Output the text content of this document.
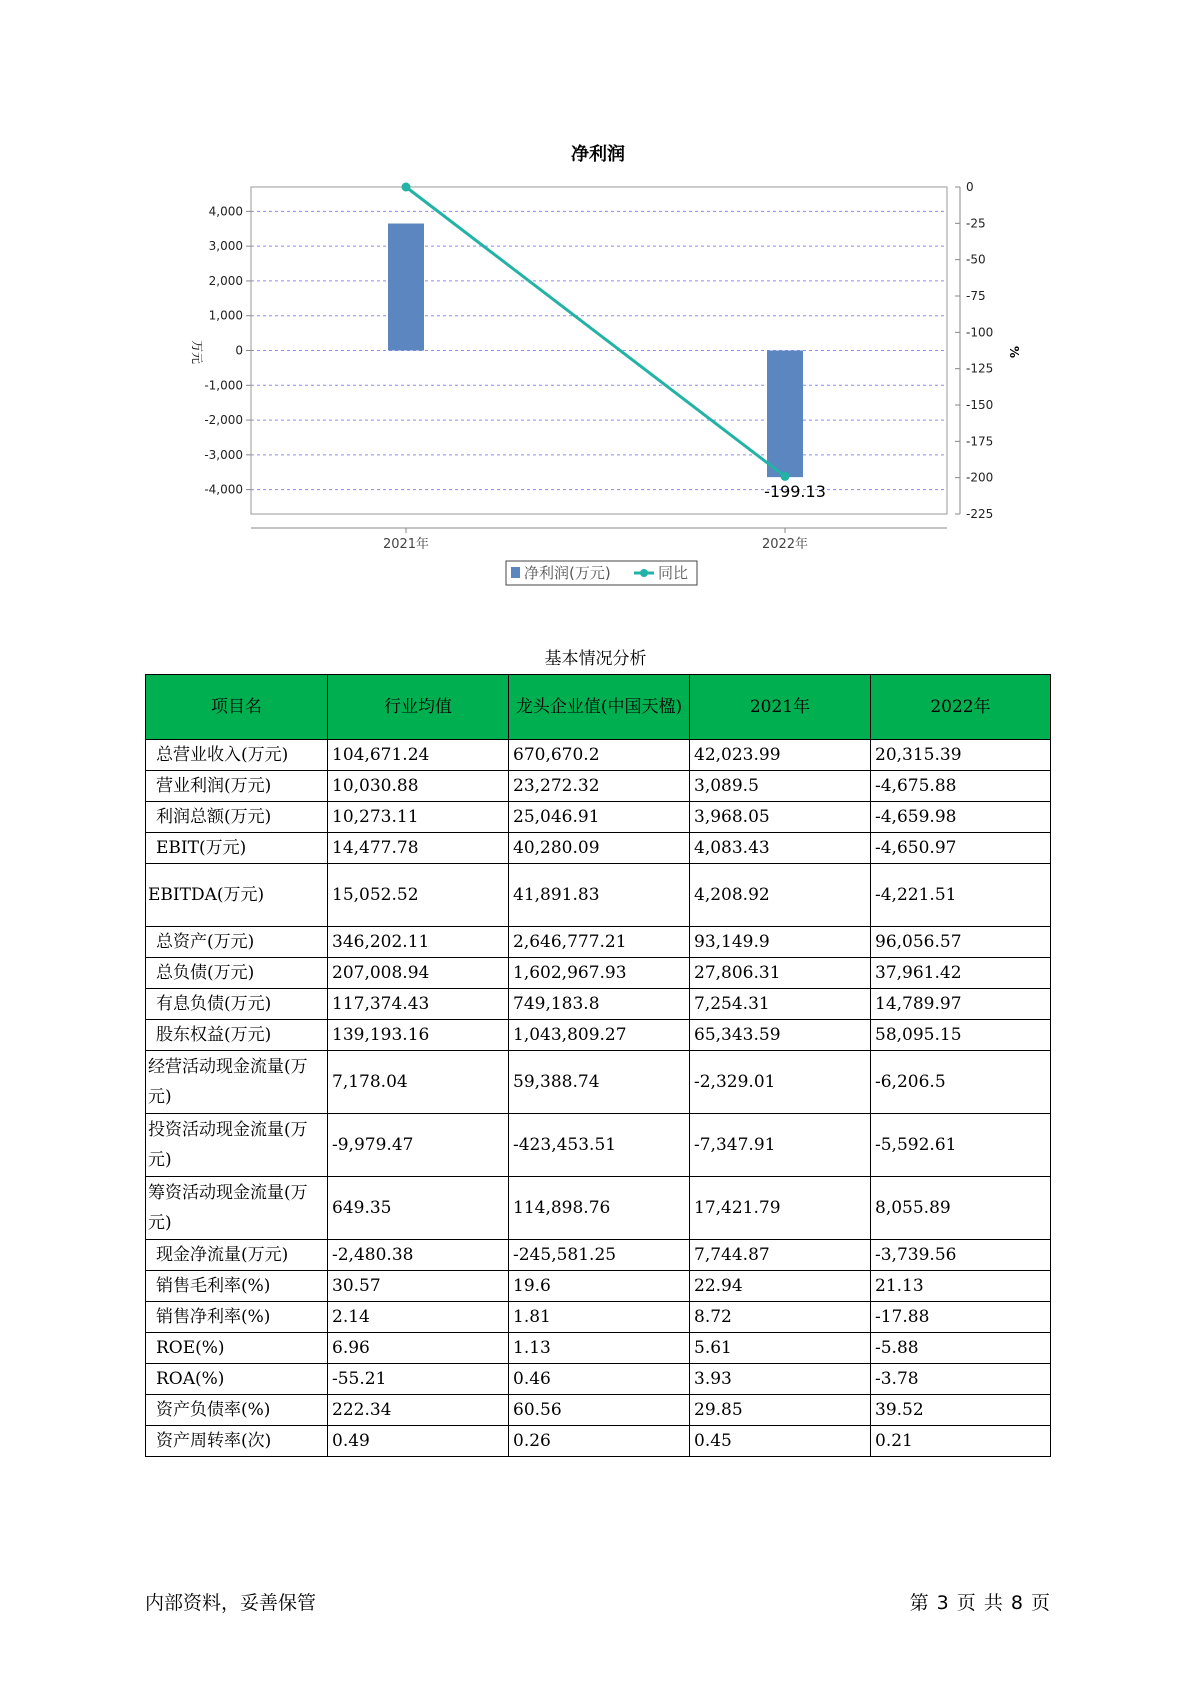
净利润
4,000
3,000
2,000
1,000
0
-1,000
-2,000
-3,000
-4,000
0
-25
-50
-75
-100
-125
-150
-175
-200
-225
2021年	2022年
万元	%
-199.13
净利润(万元)	同比
基本情况分析
项目名	行业均值	龙头企业值(中国天楹)	2021年	2022年
总营业收入(万元)	104,671.24	670,670.2	42,023.99	20,315.39
营业利润(万元)	10,030.88	23,272.32	3,089.5	-4,675.88
利润总额(万元)	10,273.11	25,046.91	3,968.05	-4,659.98
EBIT(万元)	14,477.78	40,280.09	4,083.43	-4,650.97
EBITDA(万元)	15,052.52	41,891.83	4,208.92	-4,221.51
总资产(万元)	346,202.11	2,646,777.21	93,149.9	96,056.57
总负债(万元)	207,008.94	1,602,967.93	27,806.31	37,961.42
有息负债(万元)	117,374.43	749,183.8	7,254.31	14,789.97
股东权益(万元)	139,193.16	1,043,809.27	65,343.59	58,095.15
经营活动现金流量(万元)	7,178.04	59,388.74	-2,329.01	-6,206.5
投资活动现金流量(万元)	-9,979.47	-423,453.51	-7,347.91	-5,592.61
筹资活动现金流量(万元)	649.35	114,898.76	17,421.79	8,055.89
现金净流量(万元)	-2,480.38	-245,581.25	7,744.87	-3,739.56
销售毛利率(%)	30.57	19.6	22.94	21.13
销售净利率(%)	2.14	1.81	8.72	-17.88
ROE(%)	6.96	1.13	5.61	-5.88
ROA(%)	-55.21	0.46	3.93	-3.78
资产负债率(%)	222.34	60.56	29.85	39.52
资产周转率(次)	0.49	0.26	0.45	0.21
内部资料，妥善保管	第 3 页 共 8 页
